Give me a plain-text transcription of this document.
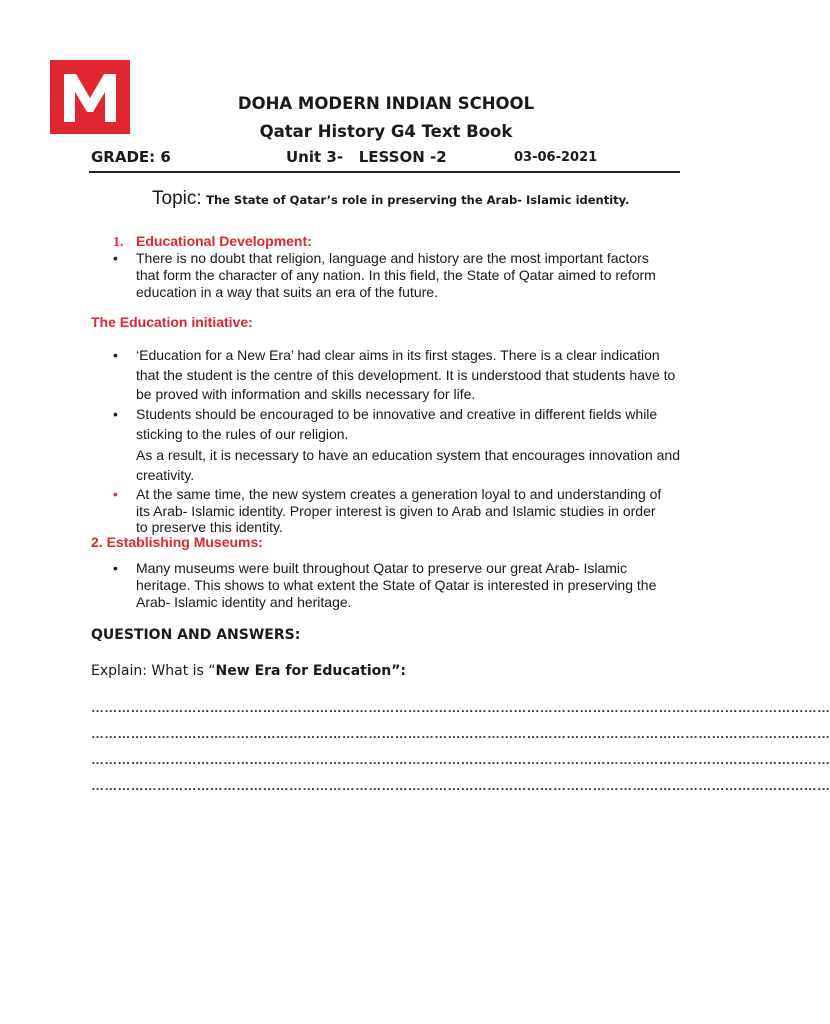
DOHA MODERN INDIAN SCHOOL
Qatar History G4 Text Book
GRADE: 6	Unit 3- LESSON -2	03-06-2021
Topic: The State of Qatar’s role in preserving the Arab- Islamic identity.
1. Educational Development:
• There is no doubt that religion, language and history are the most important factors that form the character of any nation. In this field, the State of Qatar aimed to reform education in a way that suits an era of the future.
The Education initiative:
• ‘Education for a New Era’ had clear aims in its first stages. There is a clear indication that the student is the centre of this development. It is understood that students have to be proved with information and skills necessary for life.
• Students should be encouraged to be innovative and creative in different fields while sticking to the rules of our religion.
As a result, it is necessary to have an education system that encourages innovation and creativity.
• At the same time, the new system creates a generation loyal to and understanding of its Arab- Islamic identity. Proper interest is given to Arab and Islamic studies in order to preserve this identity.
2. Establishing Museums:
• Many museums were built throughout Qatar to preserve our great Arab- Islamic heritage. This shows to what extent the State of Qatar is interested in preserving the Arab- Islamic identity and heritage.
QUESTION AND ANSWERS:
Explain: What is “New Era for Education”:
……………………………………………………………………………………………………………………………………………………
……………………………………………………………………………………………………………………………………………………
……………………………………………………………………………………………………………………………………………………
……………………………………………………………………………………………………………………………………………………
